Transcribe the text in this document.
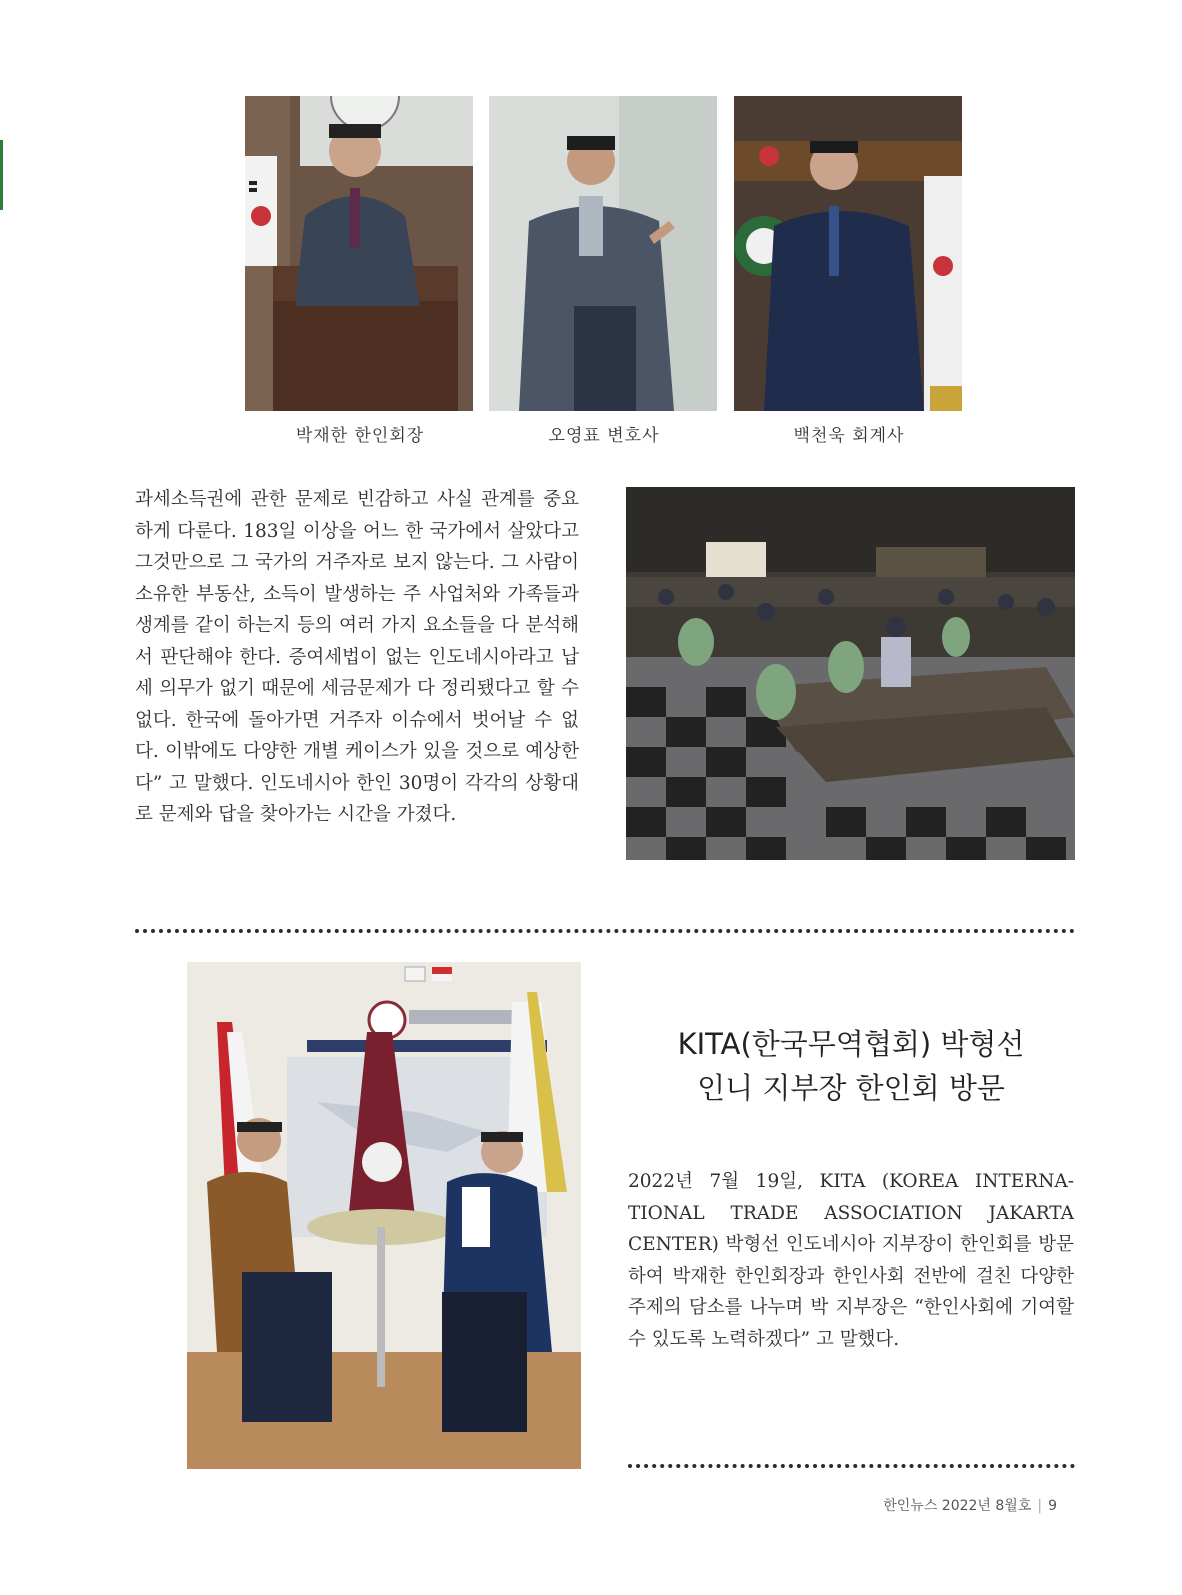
박재한 한인회장	오영표 변호사	백천욱 회계사

과세소득권에 관한 문제로 빈감하고 사실 관계를 중요하게 다룬다. 183일 이상을 어느 한 국가에서 살았다고 그것만으로 그 국가의 거주자로 보지 않는다. 그 사람이 소유한 부동산, 소득이 발생하는 주 사업처와 가족들과 생계를 같이 하는지 등의 여러 가지 요소들을 다 분석해서 판단해야 한다. 증여세법이 없는 인도네시아라고 납세 의무가 없기 때문에 세금문제가 다 정리됐다고 할 수 없다. 한국에 돌아가면 거주자 이슈에서 벗어날 수 없다. 이밖에도 다양한 개별 케이스가 있을 것으로 예상한다” 고 말했다. 인도네시아 한인 30명이 각각의 상황대로 문제와 답을 찾아가는 시간을 가졌다.

KITA(한국무역협회) 박형선
인니 지부장 한인회 방문

2022년 7월 19일, KITA (KOREA INTERNA-TIONAL TRADE ASSOCIATION JAKARTA CENTER) 박형선 인도네시아 지부장이 한인회를 방문하여 박재한 한인회장과 한인사회 전반에 걸친 다양한 주제의 담소를 나누며 박 지부장은 “한인사회에 기여할 수 있도록 노력하겠다” 고 말했다.

한인뉴스 2022년 8월호 | 9
